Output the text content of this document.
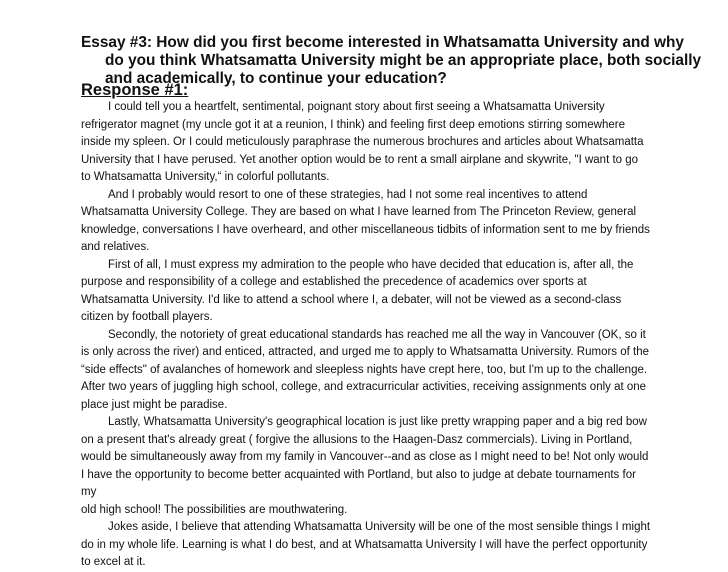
Essay #3: How did you first become interested in Whatsamatta University and why do you think Whatsamatta University might be an appropriate place, both socially and academically, to continue your education?

Response #1:

I could tell you a heartfelt, sentimental, poignant story about first seeing a Whatsamatta University
refrigerator magnet (my uncle got it at a reunion, I think) and feeling first deep emotions stirring somewhere
inside my spleen. Or I could meticulously paraphrase the numerous brochures and articles about Whatsamatta
University that I have perused. Yet another option would be to rent a small airplane and skywrite, "I want to go
to Whatsamatta University,“ in colorful pollutants.
And I probably would resort to one of these strategies, had I not some real incentives to attend
Whatsamatta University College. They are based on what I have learned from The Princeton Review, general
knowledge, conversations I have overheard, and other miscellaneous tidbits of information sent to me by friends
and relatives.
First of all, I must express my admiration to the people who have decided that education is, after all, the
purpose and responsibility of a college and established the precedence of academics over sports at
Whatsamatta University. I'd like to attend a school where I, a debater, will not be viewed as a second-class
citizen by football players.
Secondly, the notoriety of great educational standards has reached me all the way in Vancouver (OK, so it
is only across the river) and enticed, attracted, and urged me to apply to Whatsamatta University. Rumors of the
“side effects" of avalanches of homework and sleepless nights have crept here, too, but I'm up to the challenge.
After two years of juggling high school, college, and extracurricular activities, receiving assignments only at one
place just might be paradise.
Lastly, Whatsamatta University's geographical location is just like pretty wrapping paper and a big red bow
on a present that's already great ( forgive the allusions to the Haagen-Dasz commercials). Living in Portland,
would be simultaneously away from my family in Vancouver--and as close as I might need to be! Not only would
I have the opportunity to become better acquainted with Portland, but also to judge at debate tournaments for
my
old high school! The possibilities are mouthwatering.
Jokes aside, I believe that attending Whatsamatta University will be one of the most sensible things I might
do in my whole life. Learning is what I do best, and at Whatsamatta University I will have the perfect opportunity
to excel at it.
